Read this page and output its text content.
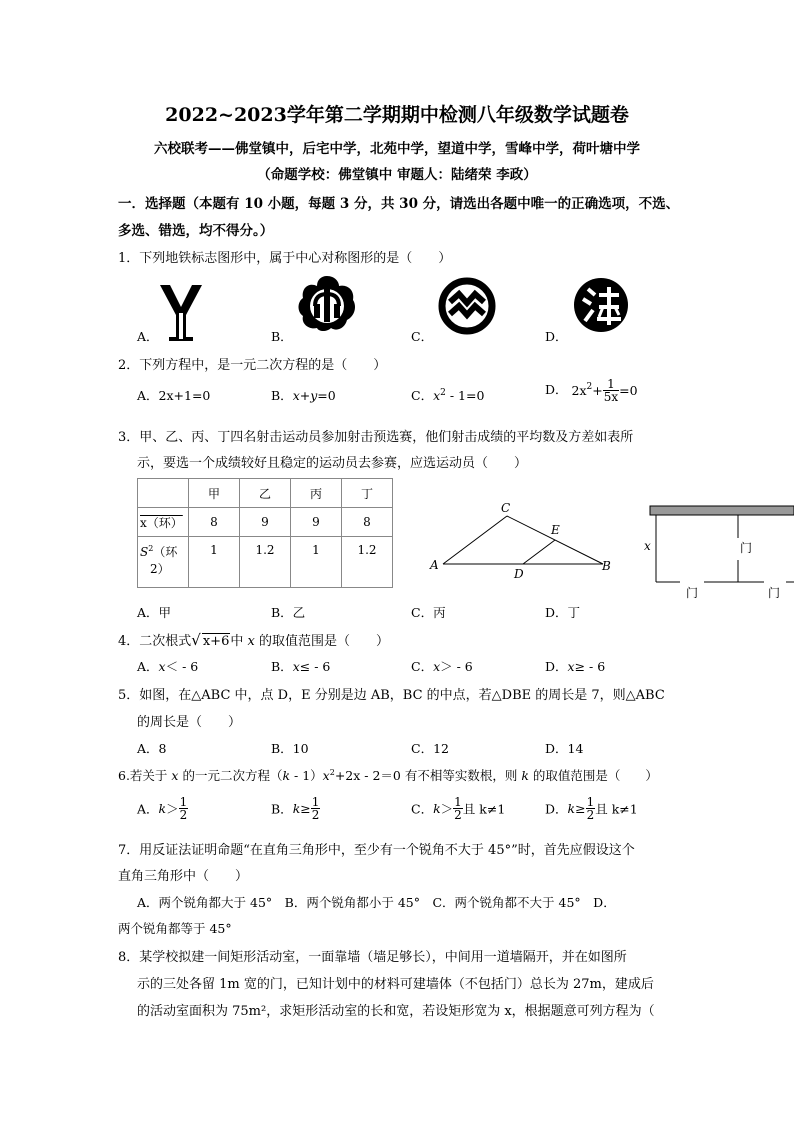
2022~2023学年第二学期期中检测八年级数学试题卷
六校联考——佛堂镇中，后宅中学，北苑中学，望道中学，雪峰中学，荷叶塘中学
（命题学校：佛堂镇中 审题人：陆绪荣 李政）
一．选择题（本题有 10 小题，每题 3 分，共 30 分，请选出各题中唯一的正确选项，不选、
多选、错选，均不得分。）
1．下列地铁标志图形中，属于中心对称图形的是（　　）
A．	B．	C．	D．
2．下列方程中，是一元二次方程的是（　　）
A．2x+1=0	B．x+y=0	C．$x^2 - 1=0$	D． $2x^2+ \frac{1}{5x} =0$
3．甲、乙、丙、丁四名射击运动员参加射击预选赛，他们射击成绩的平均数及方差如表所
示，要选一个成绩较好且稳定的运动员去参赛，应选运动员（　　）
	甲	乙	丙	丁
x（环）	8	9	9	8
$S^2$（环
2）	1	1.2	1	1.2
C
E
A
D
B
x	门
门	门
A．甲	B．乙	C．丙	D．丁
4．二次根式√ x+6中 x 的取值范围是（　　）
A．x＜ - 6	B．x≤ - 6	C．x＞ - 6	D．x≥ - 6
5．如图，在△ABC 中，点 D，E 分别是边 AB，BC 的中点，若△DBE 的周长是 7，则△ABC
的周长是（　　）
A．8	B．10	C．12	D．14
6.若关于 x 的一元二次方程$(k - 1)x^2+2x - 2=0$ 有不相等实数根，则 k 的取值范围是（　　）
A．$k> \frac{1}{2}$	B．$k\ge \frac{1}{2}$	C．$k> \frac{1}{2}$ 且 k≠1	D．$k\ge \frac{1}{2}$ 且 k≠1
7．用反证法证明命题“在直角三角形中，至少有一个锐角不大于 45°”时，首先应假设这个
直角三角形中（　　）
A．两个锐角都大于 45°　B．两个锐角都小于 45°　C．两个锐角都不大于 45°　D．
两个锐角都等于 45°
8．某学校拟建一间矩形活动室，一面靠墙（墙足够长），中间用一道墙隔开，并在如图所
示的三处各留 1m 宽的门，已知计划中的材料可建墙体（不包括门）总长为 27m，建成后
的活动室面积为 75m²，求矩形活动室的长和宽，若设矩形宽为 x，根据题意可列方程为（
